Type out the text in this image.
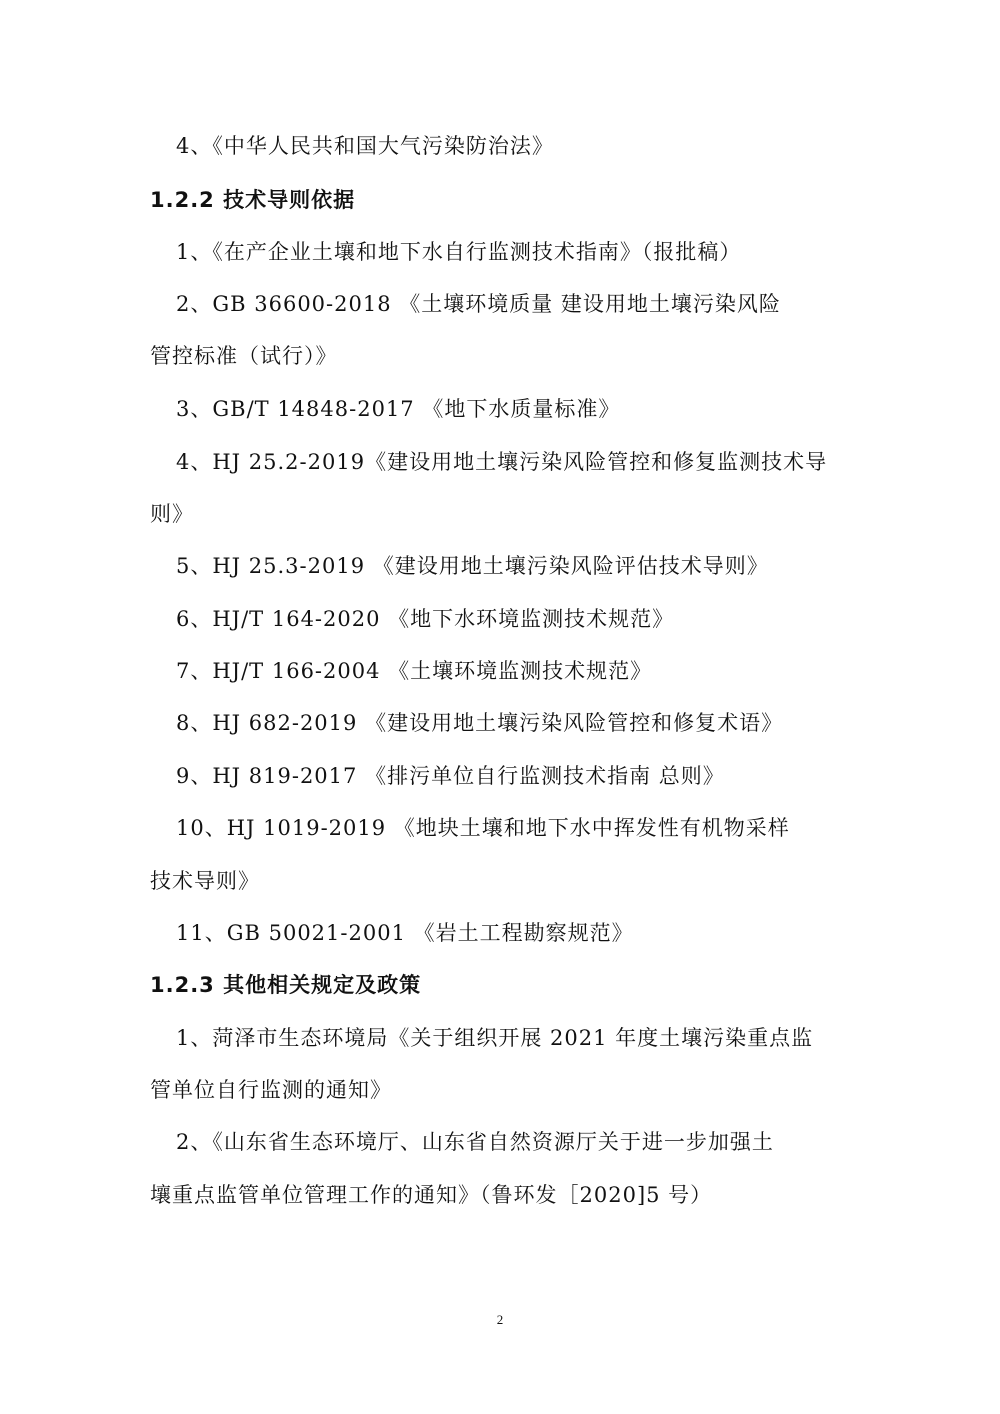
4、《中华人民共和国大气污染防治法》
1.2.2 技术导则依据
1、《在产企业土壤和地下水自行监测技术指南》（报批稿）
2、GB 36600-2018 《土壤环境质量 建设用地土壤污染风险
管控标准（试行）》
3、GB/T 14848-2017 《地下水质量标准》
4、HJ 25.2-2019《建设用地土壤污染风险管控和修复监测技术导
则》
5、HJ 25.3-2019 《建设用地土壤污染风险评估技术导则》
6、HJ/T 164-2020 《地下水环境监测技术规范》
7、HJ/T 166-2004 《土壤环境监测技术规范》
8、HJ 682-2019 《建设用地土壤污染风险管控和修复术语》
9、HJ 819-2017 《排污单位自行监测技术指南 总则》
10、HJ 1019-2019 《地块土壤和地下水中挥发性有机物采样
技术导则》
11、GB 50021-2001 《岩土工程勘察规范》
1.2.3 其他相关规定及政策
1、菏泽市生态环境局《关于组织开展 2021 年度土壤污染重点监
管单位自行监测的通知》
2、《山东省生态环境厅、山东省自然资源厅关于进一步加强土
壤重点监管单位管理工作的通知》（鲁环发［2020]5 号）
2
